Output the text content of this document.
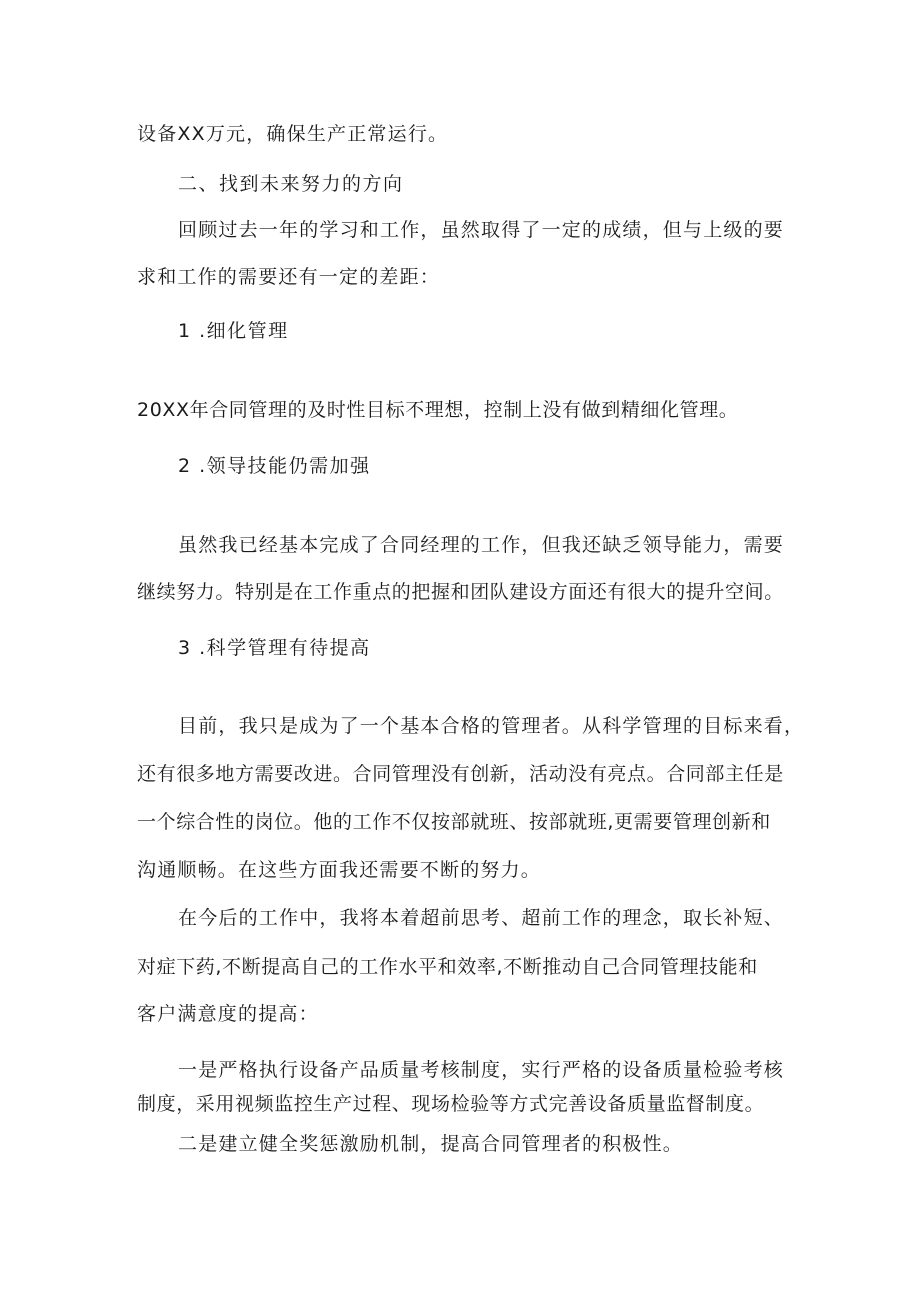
设备XX万元，确保生产正常运行。
二、找到未来努力的方向
回顾过去一年的学习和工作，虽然取得了一定的成绩，但与上级的要
求和工作的需要还有一定的差距：
1 .细化管理
20XX年合同管理的及时性目标不理想，控制上没有做到精细化管理。
2 .领导技能仍需加强
虽然我已经基本完成了合同经理的工作，但我还缺乏领导能力，需要
继续努力。特别是在工作重点的把握和团队建设方面还有很大的提升空间。
3 .科学管理有待提高
目前，我只是成为了一个基本合格的管理者。从科学管理的目标来看，
还有很多地方需要改进。合同管理没有创新，活动没有亮点。合同部主任是
一个综合性的岗位。他的工作不仅按部就班、按部就班,更需要管理创新和
沟通顺畅。在这些方面我还需要不断的努力。
在今后的工作中，我将本着超前思考、超前工作的理念，取长补短、
对症下药,不断提高自己的工作水平和效率,不断推动自己合同管理技能和
客户满意度的提高：
一是严格执行设备产品质量考核制度，实行严格的设备质量检验考核
制度，采用视频监控生产过程、现场检验等方式完善设备质量监督制度。
二是建立健全奖惩激励机制，提高合同管理者的积极性。
